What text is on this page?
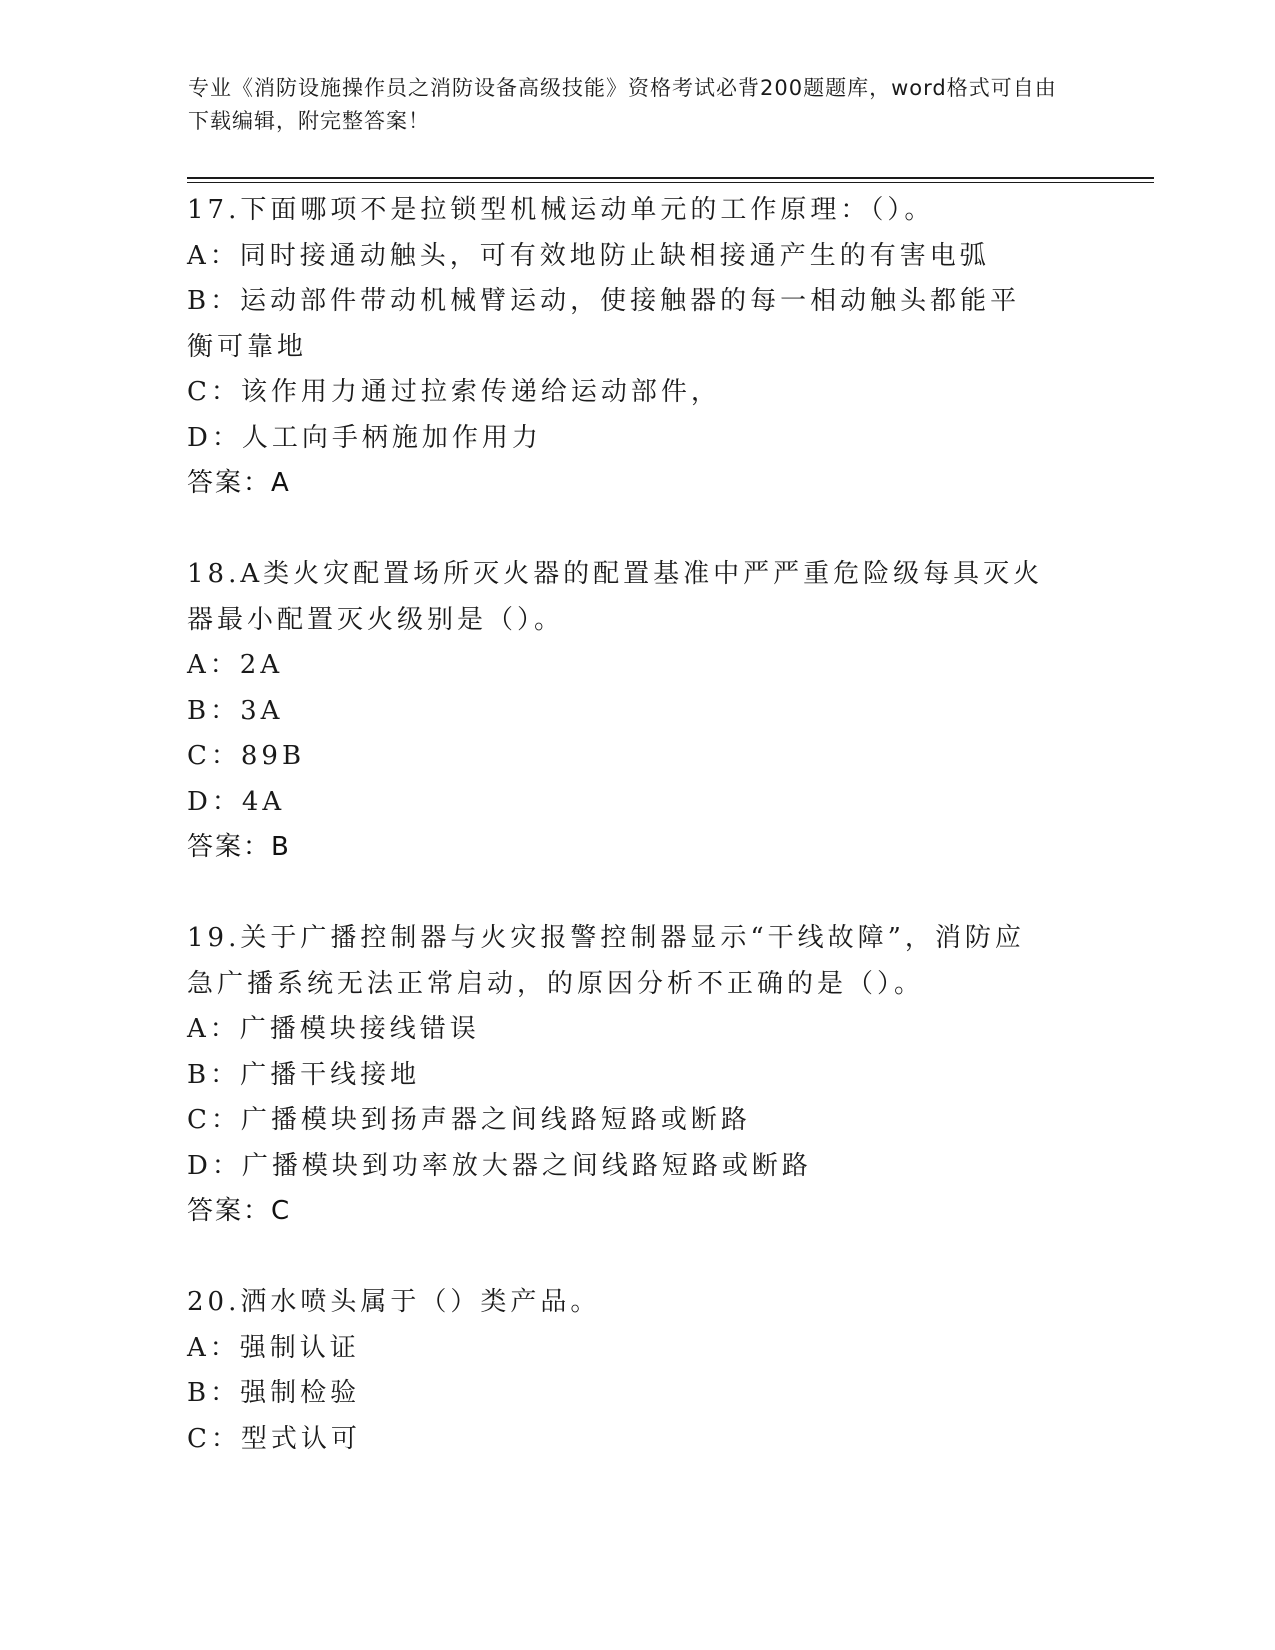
专业《消防设施操作员之消防设备高级技能》资格考试必背200题题库，word格式可自由下载编辑，附完整答案！
17.下面哪项不是拉锁型机械运动单元的工作原理：（）。
A：同时接通动触头，可有效地防止缺相接通产生的有害电弧
B：运动部件带动机械臂运动，使接触器的每一相动触头都能平衡可靠地
C：该作用力通过拉索传递给运动部件，
D：人工向手柄施加作用力
答案：A
18.A类火灾配置场所灭火器的配置基准中严严重危险级每具灭火器最小配置灭火级别是（）。
A：2A
B：3A
C：89B
D：4A
答案：B
19.关于广播控制器与火灾报警控制器显示“干线故障”，消防应急广播系统无法正常启动，的原因分析不正确的是（）。
A：广播模块接线错误
B：广播干线接地
C：广播模块到扬声器之间线路短路或断路
D：广播模块到功率放大器之间线路短路或断路
答案：C
20.洒水喷头属于（）类产品。
A：强制认证
B：强制检验
C：型式认可
